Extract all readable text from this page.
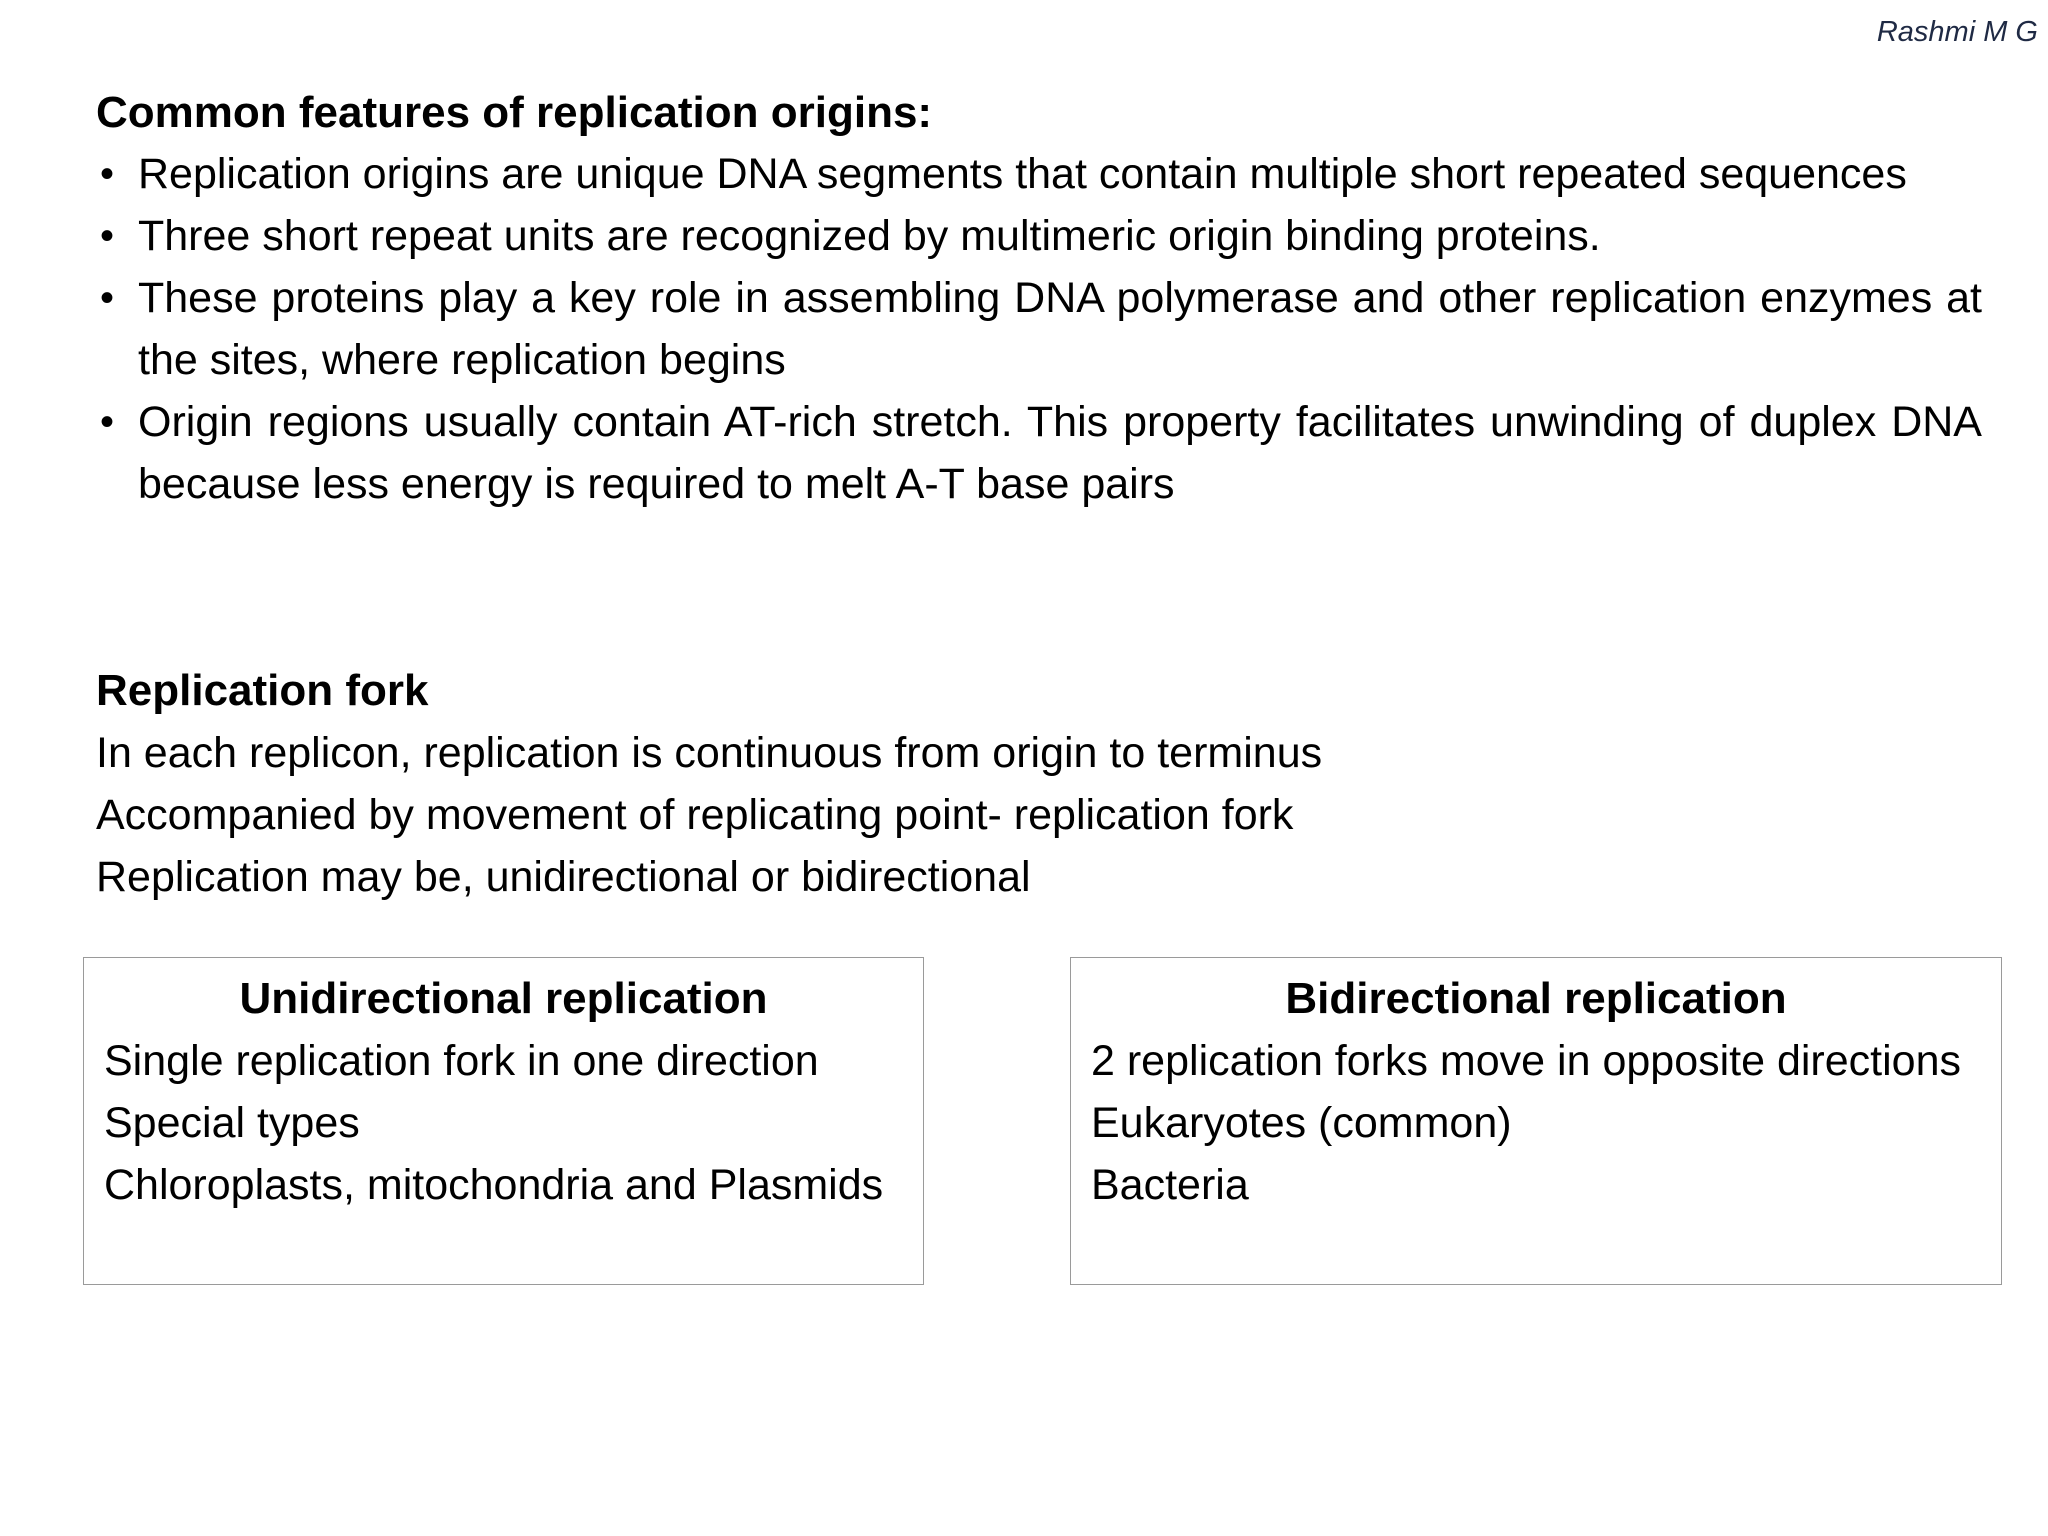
Rashmi M G
Common features of replication origins:
• Replication origins are unique DNA segments that contain multiple short repeated sequences
• Three short repeat units are recognized by multimeric origin binding proteins.
• These proteins play a key role in assembling DNA polymerase and other replication enzymes at the sites, where replication begins
• Origin regions usually contain AT-rich stretch. This property facilitates unwinding of duplex DNA because less energy is required to melt A-T base pairs
Replication fork
In each replicon, replication is continuous from origin to terminus
Accompanied by movement of replicating point- replication fork
Replication may be, unidirectional or bidirectional
Unidirectional replication
Single replication fork in one direction
Special types
Chloroplasts, mitochondria and Plasmids
Bidirectional replication
2 replication forks move in opposite directions
Eukaryotes (common)
Bacteria
